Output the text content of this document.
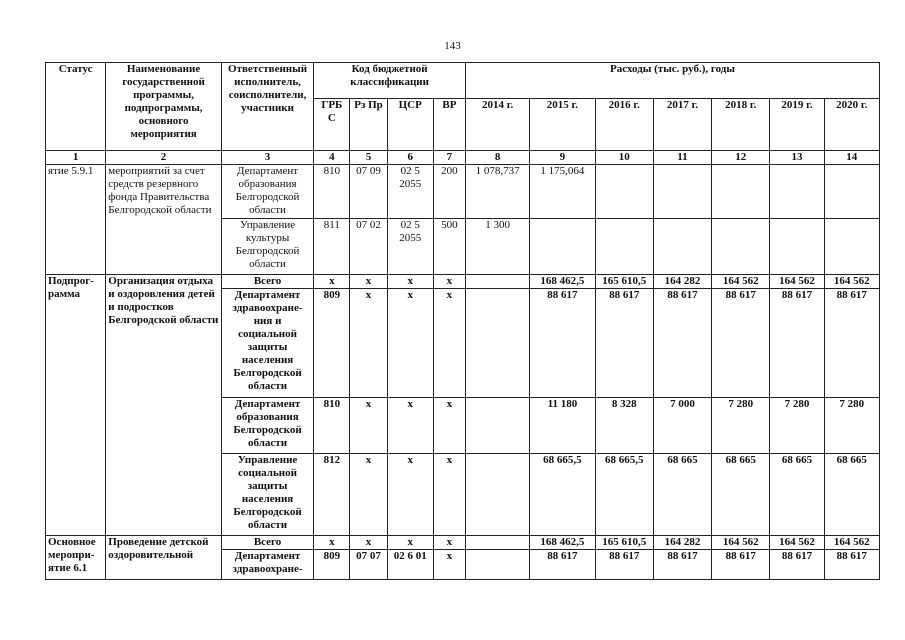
143
Статус	Наименование государственной программы, подпрограммы, основного мероприятия	Ответственный исполнитель, соисполнители, участники	Код бюджетной классификации				Расходы (тыс. руб.), годы						
			ГРБ С	Рз Пр	ЦСР	ВР	2014 г.	2015 г.	2016 г.	2017 г.	2018 г.	2019 г.	2020 г.
1	2	3	4	5	6	7	8	9	10	11	12	13	14
ятие 5.9.1	мероприятий за счет средств резервного фонда Правительства Белгородской области	Департамент образования Белгородской области	810	07 09	02 5 2055	200	1 078,737	1 175,064					
		Управление культуры Белгородской области	811	07 02	02 5 2055	500	1 300						
Подпрог-рамма	Организация отдыха и оздоровления детей и подростков Белгородской области	Всего	х	х	х	х		168 462,5	165 610,5	164 282	164 562	164 562	164 562
		Департамент здравоохране-ния и социальной защиты населения Белгородской области	809	х	х	х		88 617	88 617	88 617	88 617	88 617	88 617
		Департамент образования Белгородской области	810	х	х	х		11 180	8 328	7 000	7 280	7 280	7 280
		Управление социальной защиты населения Белгородской области	812	х	х	х		68 665,5	68 665,5	68 665	68 665	68 665	68 665
Основное меропри-ятие 6.1	Проведение детской оздоровительной	Всего	х	х	х	х		168 462,5	165 610,5	164 282	164 562	164 562	164 562
		Департамент здравоохране-	809	07 07	02 6 01	х		88 617	88 617	88 617	88 617	88 617	88 617
